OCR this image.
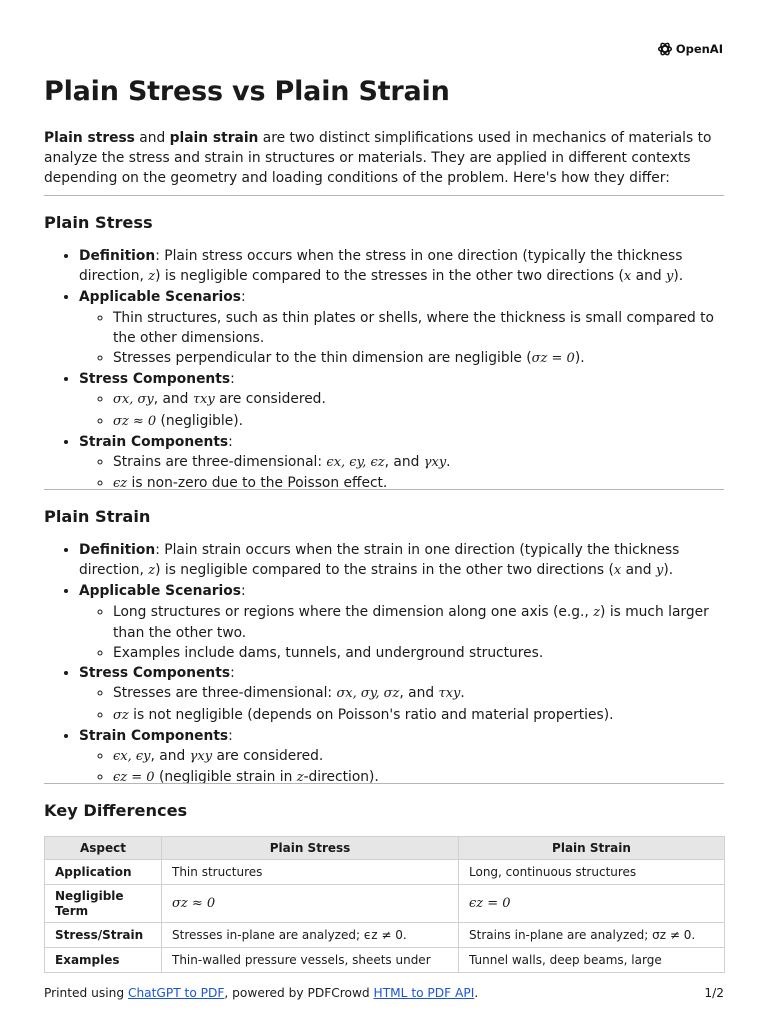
OpenAI
Plain Stress vs Plain Strain

Plain stress and plain strain are two distinct simplifications used in mechanics of materials to analyze the stress and strain in structures or materials. They are applied in different contexts depending on the geometry and loading conditions of the problem. Here's how they differ:

Plain Stress
• Definition: Plain stress occurs when the stress in one direction (typically the thickness direction, z) is negligible compared to the stresses in the other two directions (x and y).
• Applicable Scenarios:
◦ Thin structures, such as thin plates or shells, where the thickness is small compared to the other dimensions.
◦ Stresses perpendicular to the thin dimension are negligible (σz = 0).
• Stress Components:
◦ σx, σy, and τxy are considered.
◦ σz ≈ 0 (negligible).
• Strain Components:
◦ Strains are three-dimensional: ϵx, ϵy, ϵz, and γxy.
◦ ϵz is non-zero due to the Poisson effect.
Plain Strain
• Definition: Plain strain occurs when the strain in one direction (typically the thickness direction, z) is negligible compared to the strains in the other two directions (x and y).
• Applicable Scenarios:
◦ Long structures or regions where the dimension along one axis (e.g., z) is much larger than the other two.
◦ Examples include dams, tunnels, and underground structures.
• Stress Components:
◦ Stresses are three-dimensional: σx, σy, σz, and τxy.
◦ σz is not negligible (depends on Poisson's ratio and material properties).
• Strain Components:
◦ ϵx, ϵy, and γxy are considered.
◦ ϵz = 0 (negligible strain in z-direction).
Key Differences
Aspect	Plain Stress	Plain Strain
Application	Thin structures	Long, continuous structures
Negligible Term	σz ≈ 0	ϵz = 0
Stress/Strain	Stresses in-plane are analyzed; ϵz ≠ 0.	Strains in-plane are analyzed; σz ≠ 0.
Examples	Thin-walled pressure vessels, sheets under	Tunnel walls, deep beams, large
Printed using ChatGPT to PDF, powered by PDFCrowd HTML to PDF API.	1/2
